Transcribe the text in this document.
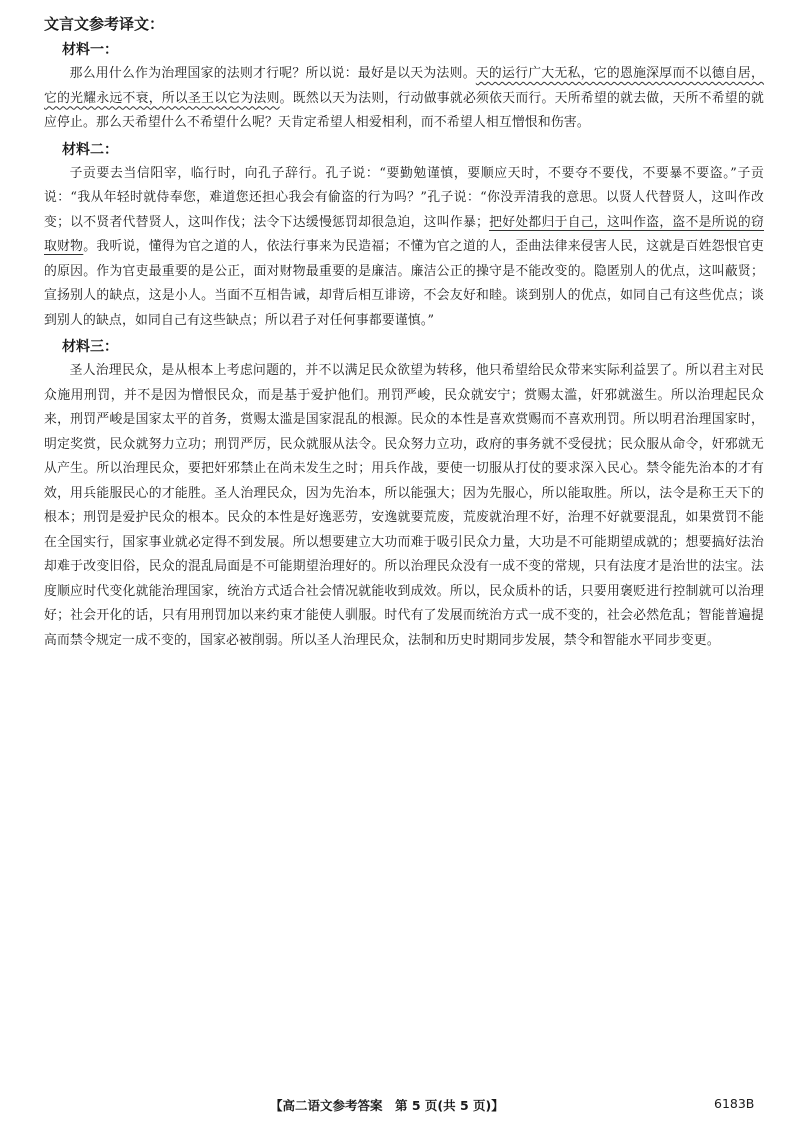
文言文参考译文：
材料一：

那么用什么作为治理国家的法则才行呢？所以说：最好是以天为法则。天的运行广大无私，它的恩施深厚而不以德自居，它的光耀永远不衰，所以圣王以它为法则。既然以天为法则，行动做事就必须依天而行。天所希望的就去做，天所不希望的就应停止。那么天希望什么不希望什么呢？天肯定希望人相爱相利，而不希望人相互憎恨和伤害。

材料二：

子贡要去当信阳宰，临行时，向孔子辞行。孔子说：“要勤勉谨慎，要顺应天时，不要夺不要伐，不要暴不要盗。”子贡说：“我从年轻时就侍奉您，难道您还担心我会有偷盗的行为吗？”孔子说：“你没弄清我的意思。以贤人代替贤人，这叫作改变；以不贤者代替贤人，这叫作伐；法令下达缓慢惩罚却很急迫，这叫作暴；把好处都归于自己，这叫作盗，盗不是所说的窃取财物。我听说，懂得为官之道的人，依法行事来为民造福；不懂为官之道的人，歪曲法律来侵害人民，这就是百姓怨恨官吏的原因。作为官吏最重要的是公正，面对财物最重要的是廉洁。廉洁公正的操守是不能改变的。隐匿别人的优点，这叫蔽贤；宣扬别人的缺点，这是小人。当面不互相告诫，却背后相互诽谤，不会友好和睦。谈到别人的优点，如同自己有这些优点；谈到别人的缺点，如同自己有这些缺点；所以君子对任何事都要谨慎。”

材料三：

圣人治理民众，是从根本上考虑问题的，并不以满足民众欲望为转移，他只希望给民众带来实际利益罢了。所以君主对民众施用刑罚，并不是因为憎恨民众，而是基于爱护他们。刑罚严峻，民众就安宁；赏赐太滥，奸邪就滋生。所以治理起民众来，刑罚严峻是国家太平的首务，赏赐太滥是国家混乱的根源。民众的本性是喜欢赏赐而不喜欢刑罚。所以明君治理国家时，明定奖赏，民众就努力立功；刑罚严厉，民众就服从法令。民众努力立功，政府的事务就不受侵扰；民众服从命令，奸邪就无从产生。所以治理民众，要把奸邪禁止在尚未发生之时；用兵作战，要使一切服从打仗的要求深入民心。禁令能先治本的才有效，用兵能服民心的才能胜。圣人治理民众，因为先治本，所以能强大；因为先服心，所以能取胜。所以，法令是称王天下的根本；刑罚是爱护民众的根本。民众的本性是好逸恶劳，安逸就要荒废，荒废就治理不好，治理不好就要混乱，如果赏罚不能在全国实行，国家事业就必定得不到发展。所以想要建立大功而难于吸引民众力量，大功是不可能期望成就的；想要搞好法治却难于改变旧俗，民众的混乱局面是不可能期望治理好的。所以治理民众没有一成不变的常规，只有法度才是治世的法宝。法度顺应时代变化就能治理国家，统治方式适合社会情况就能收到成效。所以，民众质朴的话，只要用褒贬进行控制就可以治理好；社会开化的话，只有用刑罚加以来约束才能使人驯服。时代有了发展而统治方式一成不变的，社会必然危乱；智能普遍提高而禁令规定一成不变的，国家必被削弱。所以圣人治理民众，法制和历史时期同步发展，禁令和智能水平同步变更。

【高二语文参考答案　第 5 页(共 5 页)】	6183B
